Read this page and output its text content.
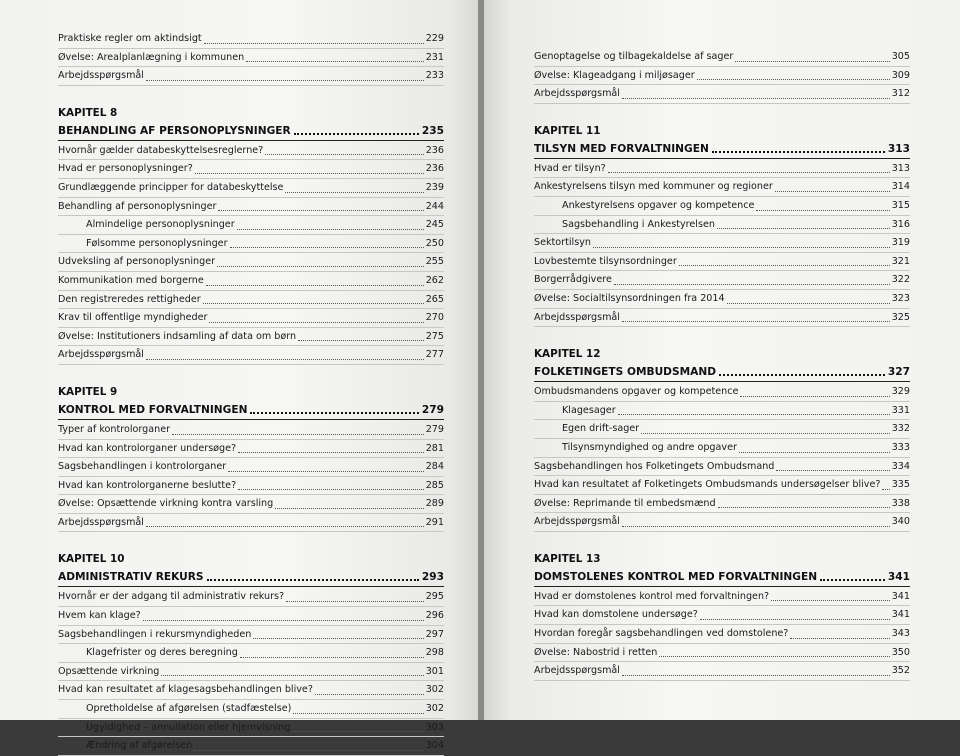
Praktiske regler om aktindsigt	229
Øvelse: Arealplanlægning i kommunen	231
Arbejdsspørgsmål	233
KAPITEL 8
BEHANDLING AF PERSONOPLYSNINGER	235
Hvornår gælder databeskyttelsesreglerne?	236
Hvad er personoplysninger?	236
Grundlæggende principper for databeskyttelse	239
Behandling af personoplysninger	244
Almindelige personoplysninger	245
Følsomme personoplysninger	250
Udveksling af personoplysninger	255
Kommunikation med borgerne	262
Den registreredes rettigheder	265
Krav til offentlige myndigheder	270
Øvelse: Institutioners indsamling af data om børn	275
Arbejdsspørgsmål	277
KAPITEL 9
KONTROL MED FORVALTNINGEN	279
Typer af kontrolorganer	279
Hvad kan kontrolorganer undersøge?	281
Sagsbehandlingen i kontrolorganer	284
Hvad kan kontrolorganerne beslutte?	285
Øvelse: Opsættende virkning kontra varsling	289
Arbejdsspørgsmål	291
KAPITEL 10
ADMINISTRATIV REKURS	293
Hvornår er der adgang til administrativ rekurs?	295
Hvem kan klage?	296
Sagsbehandlingen i rekursmyndigheden	297
Klagefrister og deres beregning	298
Opsættende virkning	301
Hvad kan resultatet af klagesagsbehandlingen blive?	302
Opretholdelse af afgørelsen (stadfæstelse)	302
Ugyldighed – annullation eller hjemvisning	303
Ændring af afgørelsen	304
Genoptagelse og tilbagekaldelse af sager	305
Øvelse: Klageadgang i miljøsager	309
Arbejdsspørgsmål	312
KAPITEL 11
TILSYN MED FORVALTNINGEN	313
Hvad er tilsyn?	313
Ankestyrelsens tilsyn med kommuner og regioner	314
Ankestyrelsens opgaver og kompetence	315
Sagsbehandling i Ankestyrelsen	316
Sektortilsyn	319
Lovbestemte tilsynsordninger	321
Borgerrådgivere	322
Øvelse: Socialtilsynsordningen fra 2014	323
Arbejdsspørgsmål	325
KAPITEL 12
FOLKETINGETS OMBUDSMAND	327
Ombudsmandens opgaver og kompetence	329
Klagesager	331
Egen drift-sager	332
Tilsynsmyndighed og andre opgaver	333
Sagsbehandlingen hos Folketingets Ombudsmand	334
Hvad kan resultatet af Folketingets Ombudsmands undersøgelser blive? 335
Øvelse: Reprimande til embedsmænd	338
Arbejdsspørgsmål	340
KAPITEL 13
DOMSTOLENES KONTROL MED FORVALTNINGEN	341
Hvad er domstolenes kontrol med forvaltningen?	341
Hvad kan domstolene undersøge?	341
Hvordan foregår sagsbehandlingen ved domstolene?	343
Øvelse: Nabostrid i retten	350
Arbejdsspørgsmål	352
